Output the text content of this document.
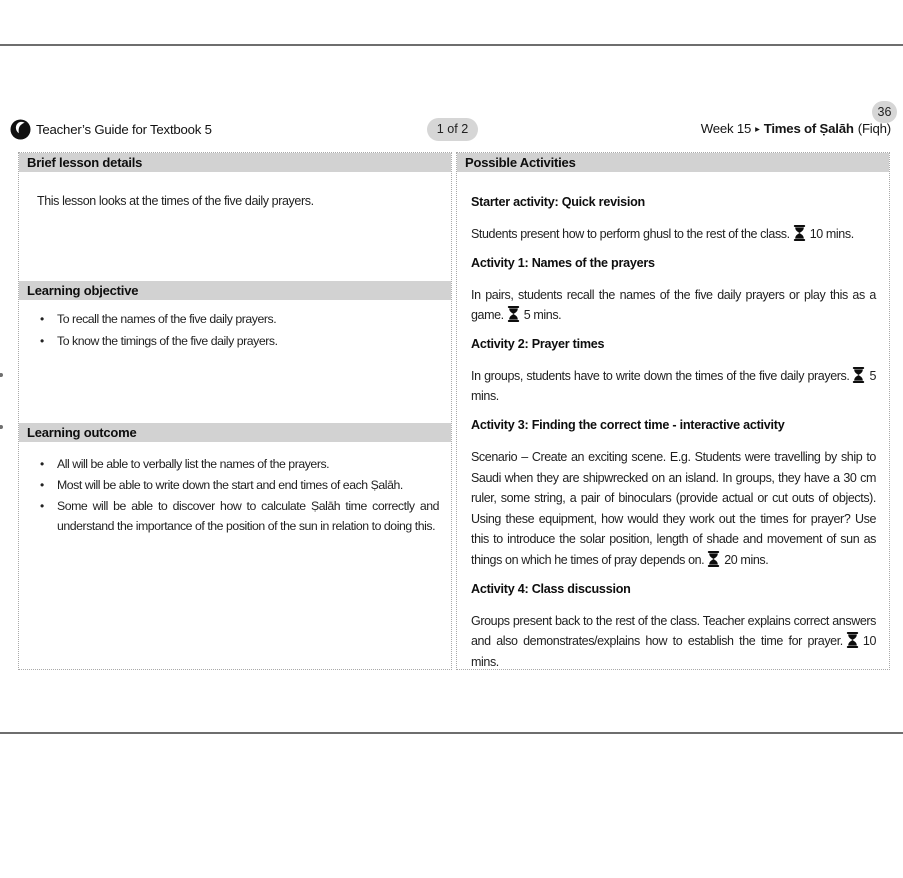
36
Teacher’s Guide for Textbook 5	1 of 2	Week 15 ▸ Times of Ṣalāh (Fiqh)
Brief lesson details
This lesson looks at the times of the five daily prayers.
Learning objective
•	To recall the names of the five daily prayers.
•	To know the timings of the five daily prayers.
Learning outcome
•	All will be able to verbally list the names of the prayers.
•	Most will be able to write down the start and end times of each Ṣalāh.
•	Some will be able to discover how to calculate Ṣalāh time correctly and understand the importance of the position of the sun in relation to doing this.
Possible Activities

Starter activity: Quick revision

Students present how to perform ghusl to the rest of the class. 10 mins.

Activity 1: Names of the prayers

In pairs, students recall the names of the five daily prayers or play this as a game. 5 mins.

Activity 2: Prayer times

In groups, students have to write down the times of the five daily prayers. 5 mins.

Activity 3: Finding the correct time - interactive activity

Scenario – Create an exciting scene. E.g. Students were travelling by ship to Saudi when they are shipwrecked on an island. In groups, they have a 30 cm ruler, some string, a pair of binoculars (provide actual or cut outs of objects). Using these equipment, how would they work out the times for prayer? Use this to introduce the solar position, length of shade and movement of sun as things on which he times of pray depends on. 20 mins.

Activity 4: Class discussion

Groups present back to the rest of the class. Teacher explains correct answers and also demonstrates/explains how to establish the time for prayer. 10 mins.
